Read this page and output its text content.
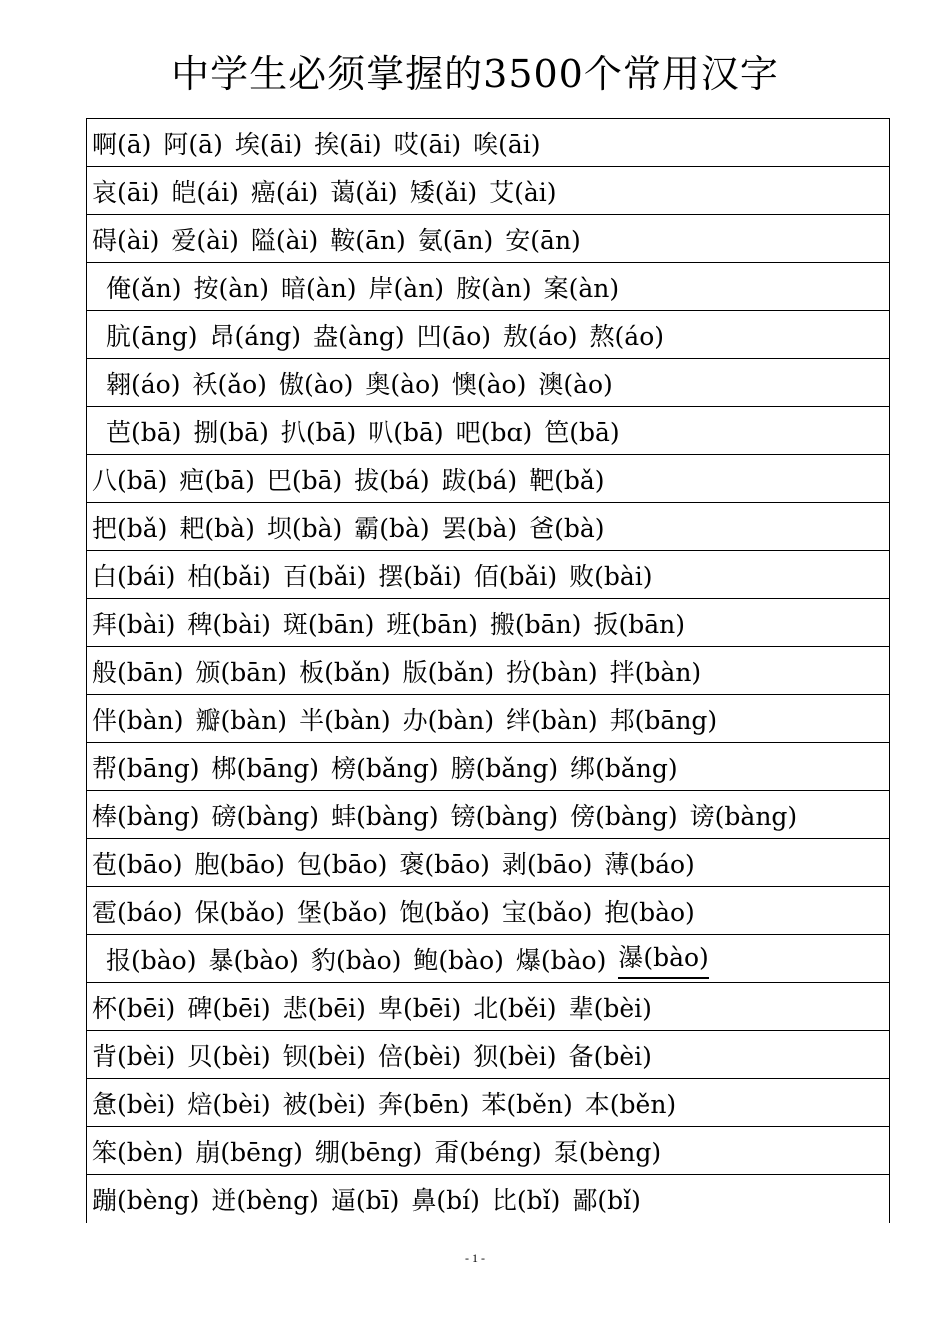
中学生必须掌握的3500个常用汉字
啊(ā) 阿(ā) 埃(āi) 挨(āi) 哎(āi) 唉(āi)
哀(āi) 皑(ái) 癌(ái) 蔼(ǎi) 矮(ǎi) 艾(ài)
碍(ài) 爱(ài) 隘(ài) 鞍(ān) 氨(ān) 安(ān)
俺(ǎn) 按(àn) 暗(àn) 岸(àn) 胺(àn) 案(àn)
肮(āng) 昂(áng) 盎(àng) 凹(āo) 敖(áo) 熬(áo)
翱(áo) 袄(ǎo) 傲(ào) 奥(ào) 懊(ào) 澳(ào)
芭(bā) 捌(bā) 扒(bā) 叭(bā) 吧(bɑ) 笆(bā)
八(bā) 疤(bā) 巴(bā) 拔(bá) 跋(bá) 靶(bǎ)
把(bǎ) 耙(bà) 坝(bà) 霸(bà) 罢(bà) 爸(bà)
白(bái) 柏(bǎi) 百(bǎi) 摆(bǎi) 佰(bǎi) 败(bài)
拜(bài) 稗(bài) 斑(bān) 班(bān) 搬(bān) 扳(bān)
般(bān) 颁(bān) 板(bǎn) 版(bǎn) 扮(bàn) 拌(bàn)
伴(bàn) 瓣(bàn) 半(bàn) 办(bàn) 绊(bàn) 邦(bāng)
帮(bāng) 梆(bāng) 榜(bǎng) 膀(bǎng) 绑(bǎng)
棒(bàng) 磅(bàng) 蚌(bàng) 镑(bàng) 傍(bàng) 谤(bàng)
苞(bāo) 胞(bāo) 包(bāo) 褒(bāo) 剥(bāo) 薄(báo)
雹(báo) 保(bǎo) 堡(bǎo) 饱(bǎo) 宝(bǎo) 抱(bào)
报(bào) 暴(bào) 豹(bào) 鲍(bào) 爆(bào) 瀑(bào)
杯(bēi) 碑(bēi) 悲(bēi) 卑(bēi) 北(běi) 辈(bèi)
背(bèi) 贝(bèi) 钡(bèi) 倍(bèi) 狈(bèi) 备(bèi)
惫(bèi) 焙(bèi) 被(bèi) 奔(bēn) 苯(běn) 本(běn)
笨(bèn) 崩(bēng) 绷(bēng) 甭(béng) 泵(bèng)
蹦(bèng) 迸(bèng) 逼(bī) 鼻(bí) 比(bǐ) 鄙(bǐ)
- 1 -
